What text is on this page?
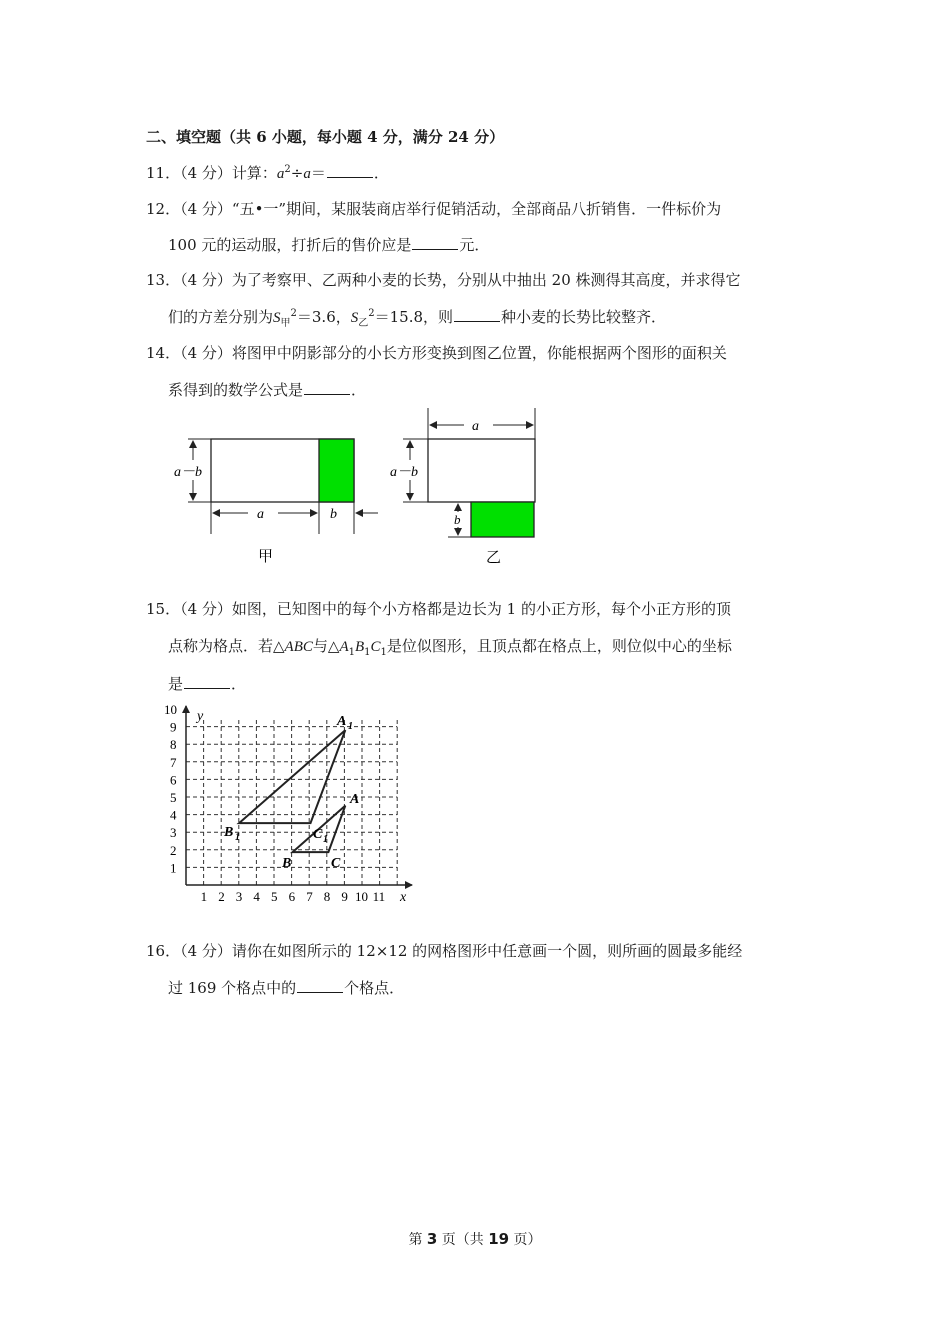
二、填空题（共 6 小题，每小题 4 分，满分 24 分）
11．（4 分）计算：$a^2\div a=$	．
12．（4 分）“五•一”期间，某服装商店举行促销活动，全部商品八折销售．一件标价为
100 元的运动服，打折后的售价应是	元．
13．（4 分）为了考察甲、乙两种小麦的长势，分别从中抽出 20 株测得其高度，并求得它
们的方差分别为$S_甲^2=3.6$，$S_乙^2=15.8$，则	种小麦的长势比较整齐．
14．（4 分）将图甲中阴影部分的小长方形变换到图乙位置，你能根据两个图形的面积关
系得到的数学公式是	．
a－b
a	b
甲
a
a－b
b
乙
15．（4 分）如图，已知图中的每个小方格都是边长为 1 的小正方形，每个小正方形的顶
点称为格点．若△ABC与$\triangle A_1B_1C_1$是位似图形，且顶点都在格点上，则位似中心的坐标
是	．
y
x
1
2
3
4
5
6
7
8
9
10
1 2 3 4 5 6 7 8 9 10 11
A 1
B 1	C 1
A
B	C
16．（4 分）请你在如图所示的 12×12 的网格图形中任意画一个圆，则所画的圆最多能经
过 169 个格点中的	个格点．
第 3 页（共 19 页）
